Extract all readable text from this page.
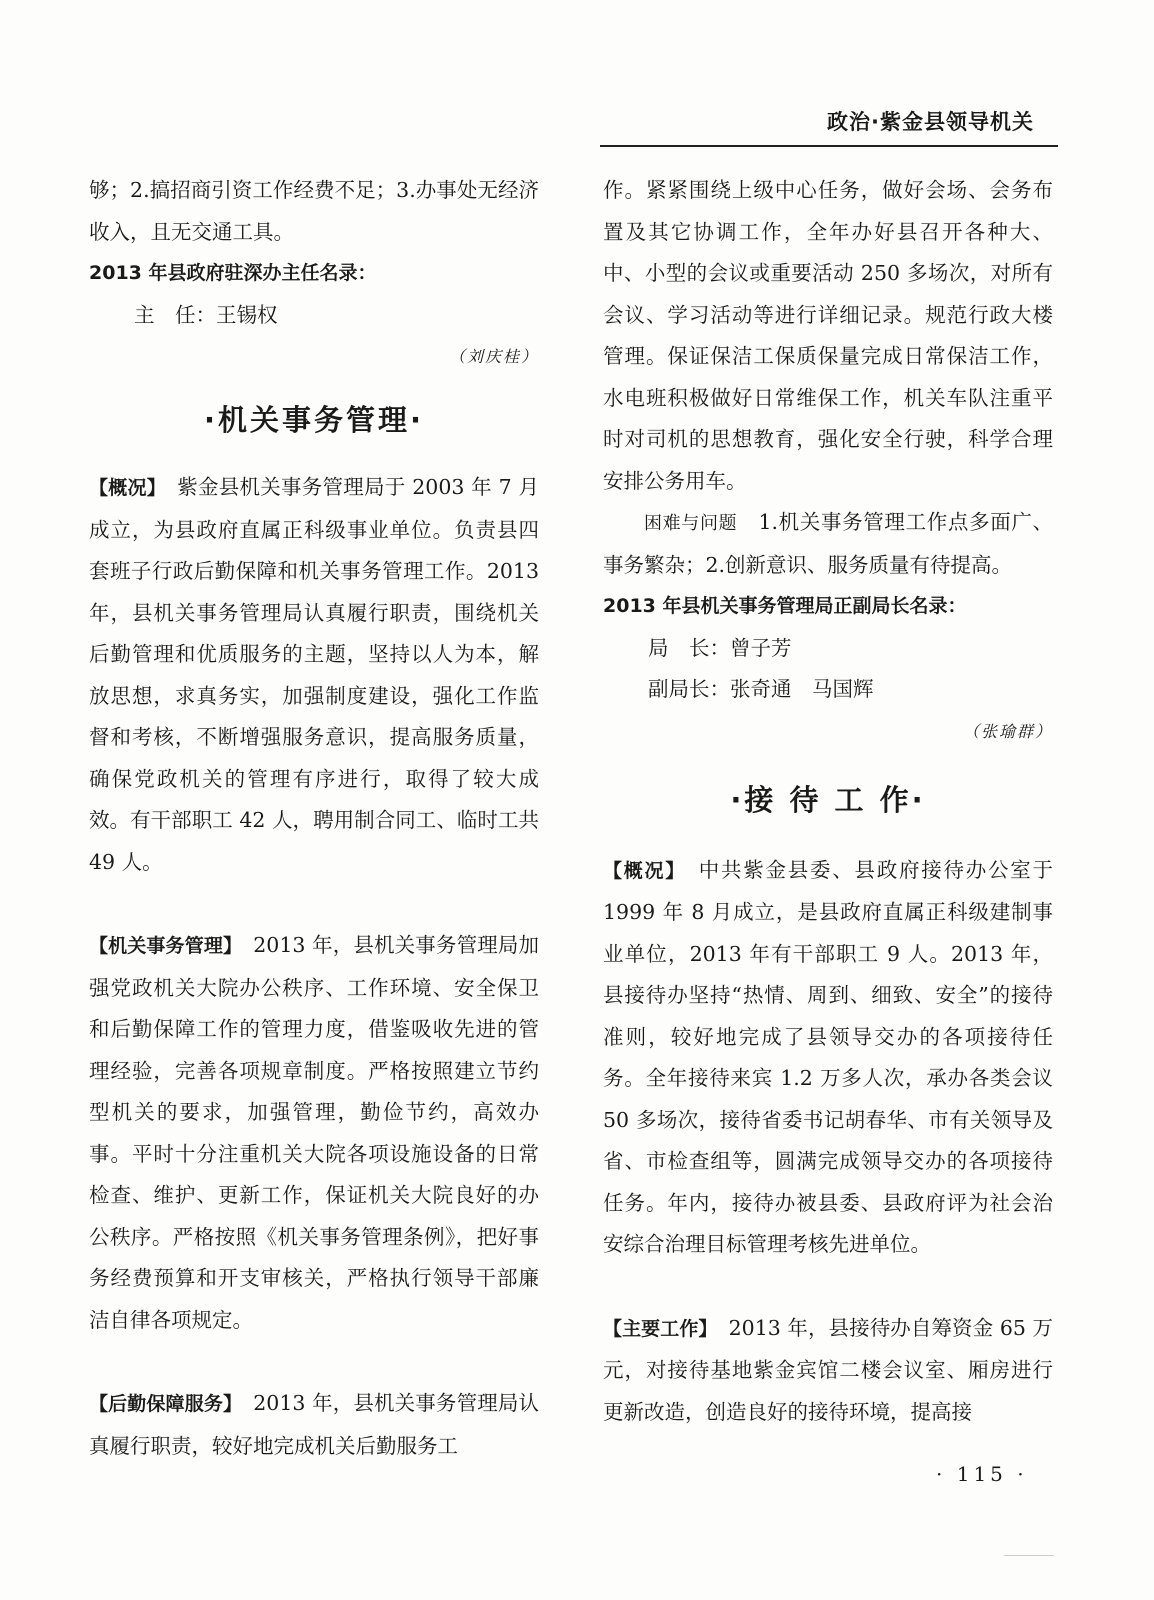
政治·紫金县领导机关

够；2.搞招商引资工作经费不足；3.办事处无经济收入，且无交通工具。

2013 年县政府驻深办主任名录：

主　任：王锡权

（刘庆桂）

·机关事务管理·

【概况】　 紫金县机关事务管理局于 2003 年 7 月成立，为县政府直属正科级事业单位。负责县四套班子行政后勤保障和机关事务管理工作。2013 年，县机关事务管理局认真履行职责，围绕机关后勤管理和优质服务的主题，坚持以人为本，解放思想，求真务实，加强制度建设，强化工作监督和考核，不断增强服务意识，提高服务质量，确保党政机关的管理有序进行，取得了较大成效。有干部职工 42 人，聘用制合同工、临时工共 49 人。

【机关事务管理】　 2013 年，县机关事务管理局加强党政机关大院办公秩序、工作环境、安全保卫和后勤保障工作的管理力度，借鉴吸收先进的管理经验，完善各项规章制度。严格按照建立节约型机关的要求，加强管理，勤俭节约，高效办事。平时十分注重机关大院各项设施设备的日常检查、维护、更新工作，保证机关大院良好的办公秩序。严格按照《机关事务管理条例》，把好事务经费预算和开支审核关，严格执行领导干部廉洁自律各项规定。

【后勤保障服务】　 2013 年，县机关事务管理局认真履行职责，较好地完成机关后勤服务工

作。紧紧围绕上级中心任务，做好会场、会务布置及其它协调工作，全年办好县召开各种大、中、小型的会议或重要活动 250 多场次，对所有会议、学习活动等进行详细记录。规范行政大楼管理。保证保洁工保质保量完成日常保洁工作，水电班积极做好日常维保工作，机关车队注重平时对司机的思想教育，强化安全行驶，科学合理安排公务用车。

困难与问题　 1.机关事务管理工作点多面广、事务繁杂；2.创新意识、服务质量有待提高。

2013 年县机关事务管理局正副局长名录：

局　长：曾子芳

副局长：张奇通　马国辉

（张瑜群）

·接 待 工 作·

【概况】　 中共紫金县委、县政府接待办公室于 1999 年 8 月成立，是县政府直属正科级建制事业单位，2013 年有干部职工 9 人。2013 年，县接待办坚持“热情、周到、细致、安全”的接待准则，较好地完成了县领导交办的各项接待任务。全年接待来宾 1.2 万多人次，承办各类会议 50 多场次，接待省委书记胡春华、市有关领导及省、市检查组等，圆满完成领导交办的各项接待任务。年内，接待办被县委、县政府评为社会治安综合治理目标管理考核先进单位。

【主要工作】　 2013 年，县接待办自筹资金 65 万元，对接待基地紫金宾馆二楼会议室、厢房进行更新改造，创造良好的接待环境，提高接

· 115 ·
